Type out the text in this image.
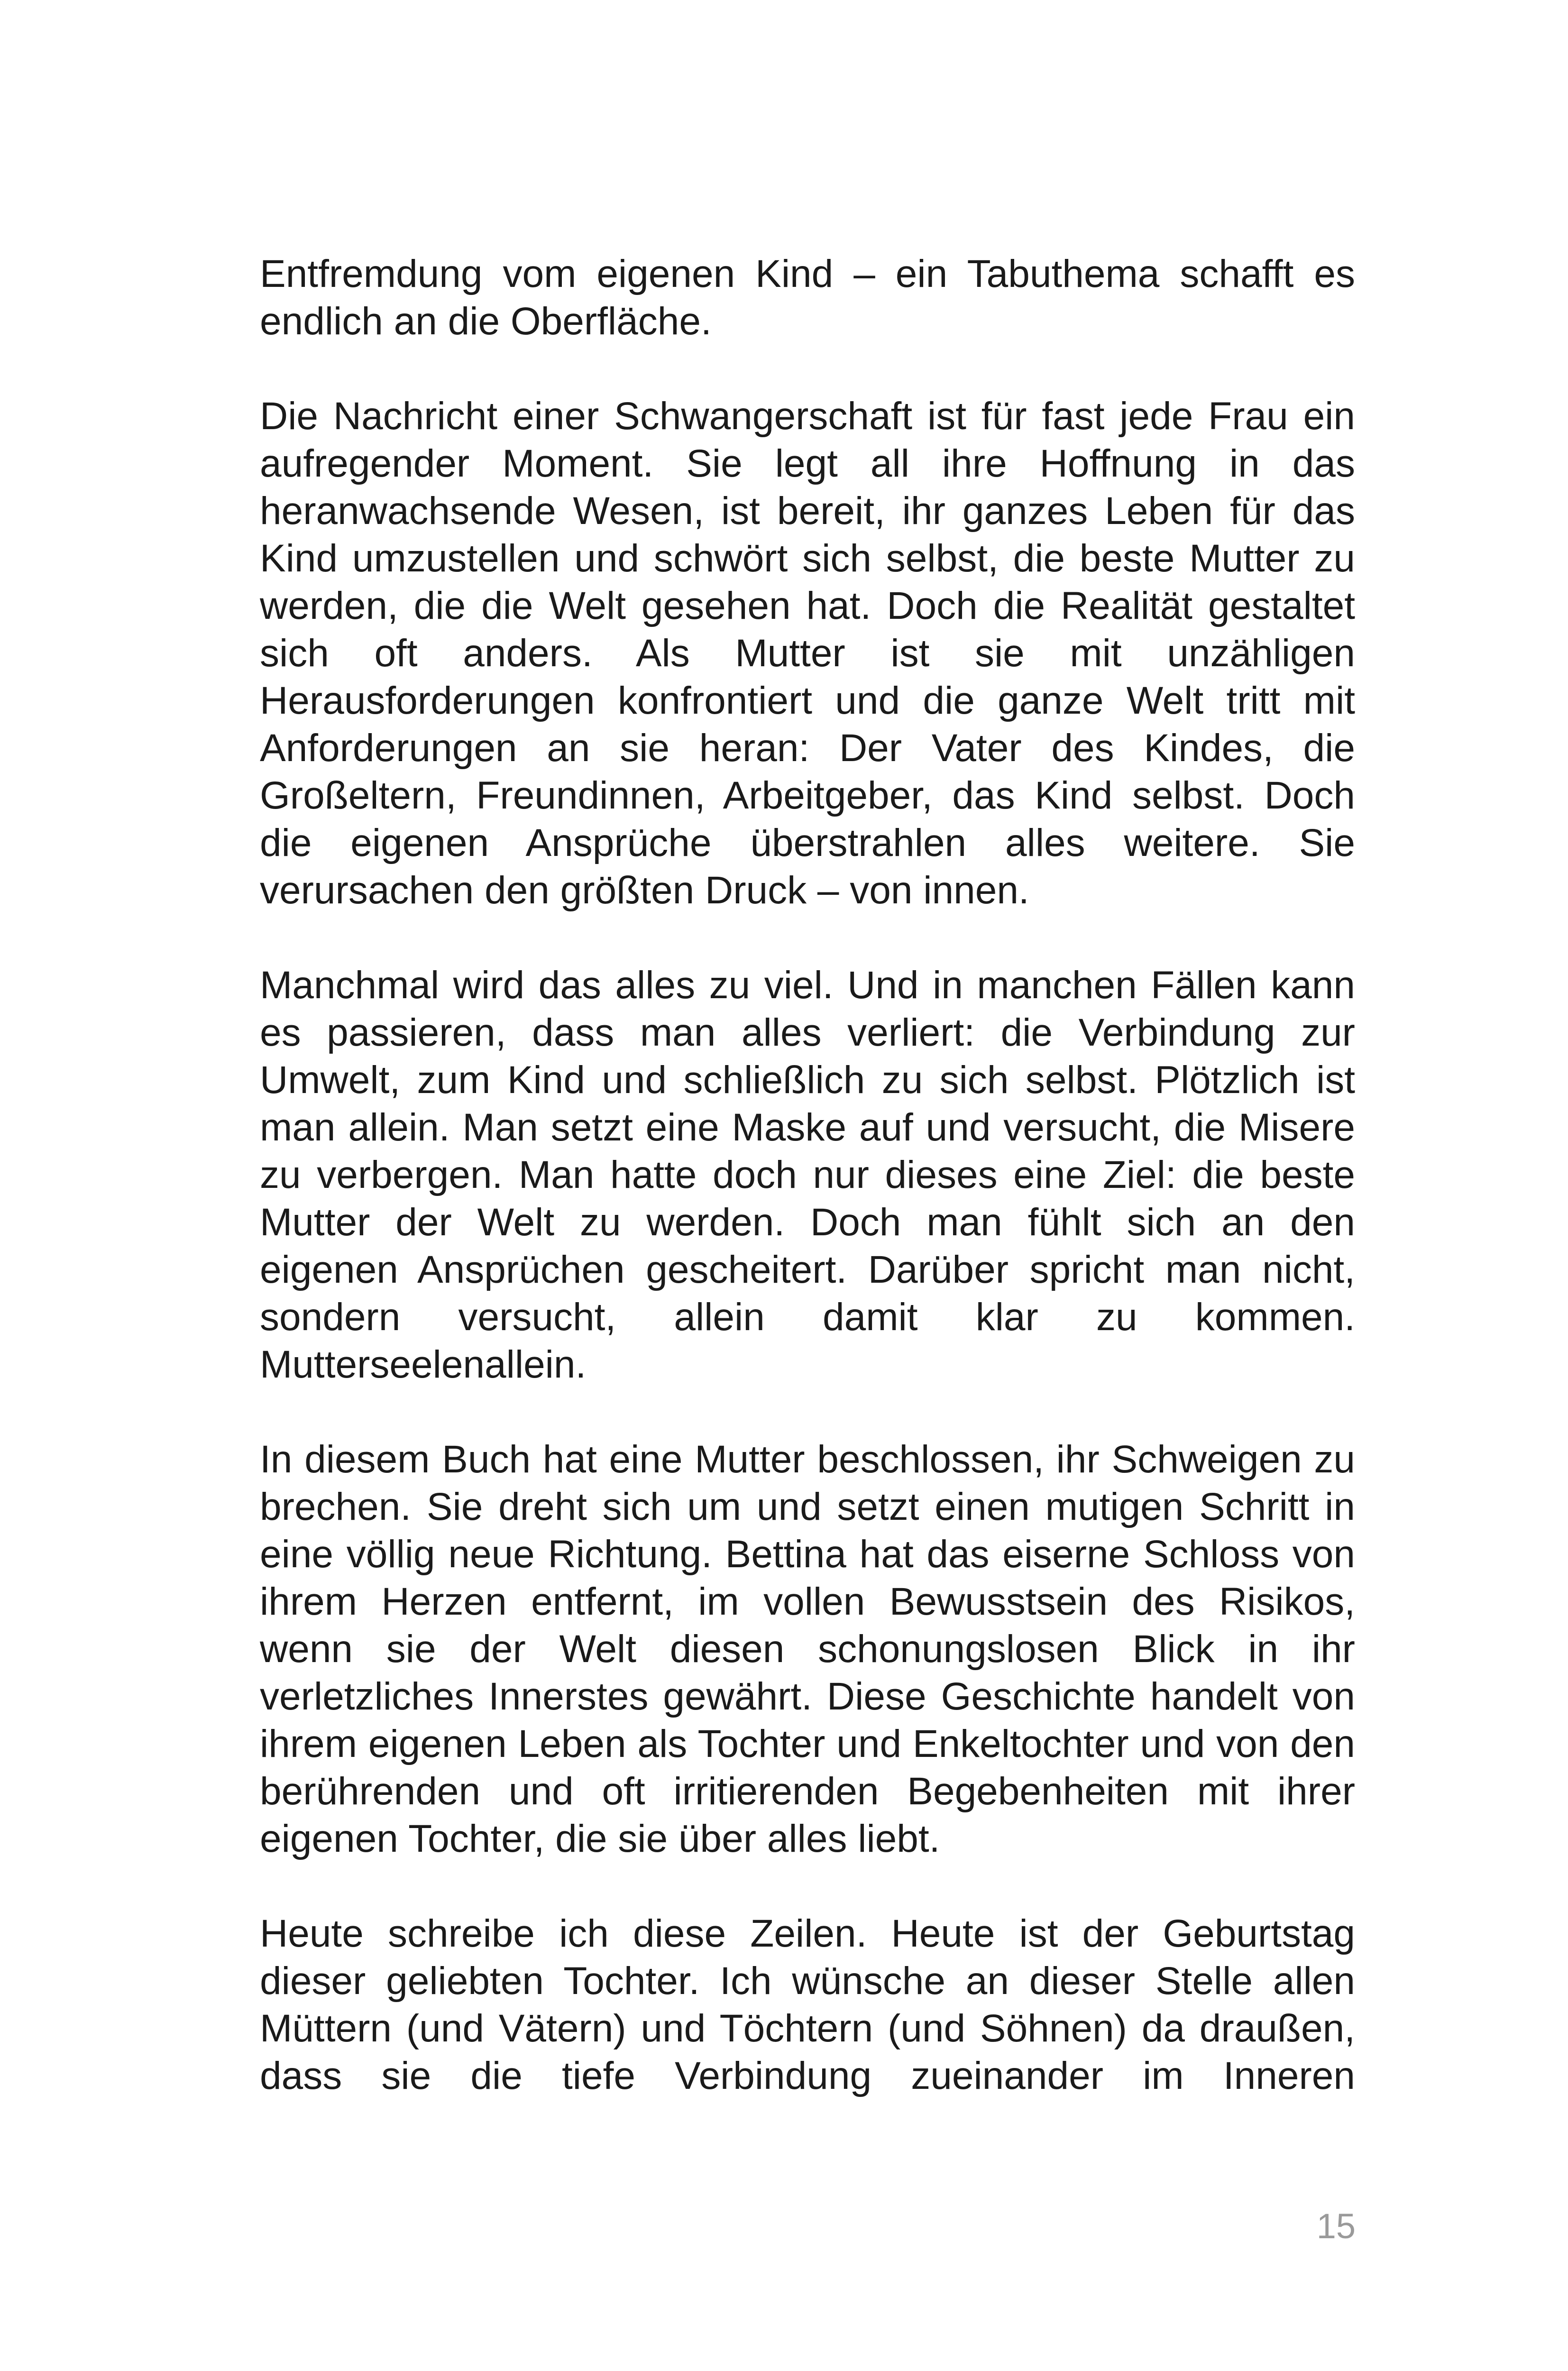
Entfremdung vom eigenen Kind – ein Tabuthema schafft es endlich an die Oberfläche.

Die Nachricht einer Schwangerschaft ist für fast jede Frau ein aufregender Moment. Sie legt all ihre Hoffnung in das heranwachsende Wesen, ist bereit, ihr ganzes Leben für das Kind umzustellen und schwört sich selbst, die beste Mutter zu werden, die die Welt gesehen hat. Doch die Realität gestaltet sich oft anders. Als Mutter ist sie mit unzähligen Herausforderungen konfrontiert und die ganze Welt tritt mit Anforderungen an sie heran: Der Vater des Kindes, die Großeltern, Freundinnen, Arbeitgeber, das Kind selbst. Doch die eigenen Ansprüche überstrahlen alles weitere. Sie verursachen den größten Druck – von innen.

Manchmal wird das alles zu viel. Und in manchen Fällen kann es passieren, dass man alles verliert: die Verbindung zur Umwelt, zum Kind und schließlich zu sich selbst. Plötzlich ist man allein. Man setzt eine Maske auf und versucht, die Misere zu verbergen. Man hatte doch nur dieses eine Ziel: die beste Mutter der Welt zu werden. Doch man fühlt sich an den eigenen Ansprüchen gescheitert. Darüber spricht man nicht, sondern versucht, allein damit klar zu kommen. Mutterseelenallein.

In diesem Buch hat eine Mutter beschlossen, ihr Schweigen zu brechen. Sie dreht sich um und setzt einen mutigen Schritt in eine völlig neue Richtung. Bettina hat das eiserne Schloss von ihrem Herzen entfernt, im vollen Bewusstsein des Risikos, wenn sie der Welt diesen schonungslosen Blick in ihr verletzliches Innerstes gewährt. Diese Geschichte handelt von ihrem eigenen Leben als Tochter und Enkeltochter und von den berührenden und oft irritierenden Begebenheiten mit ihrer eigenen Tochter, die sie über alles liebt.

Heute schreibe ich diese Zeilen. Heute ist der Geburtstag dieser geliebten Tochter. Ich wünsche an dieser Stelle allen Müttern (und Vätern) und Töchtern (und Söhnen) da draußen, dass sie die tiefe Verbindung zueinander im Inneren

15
